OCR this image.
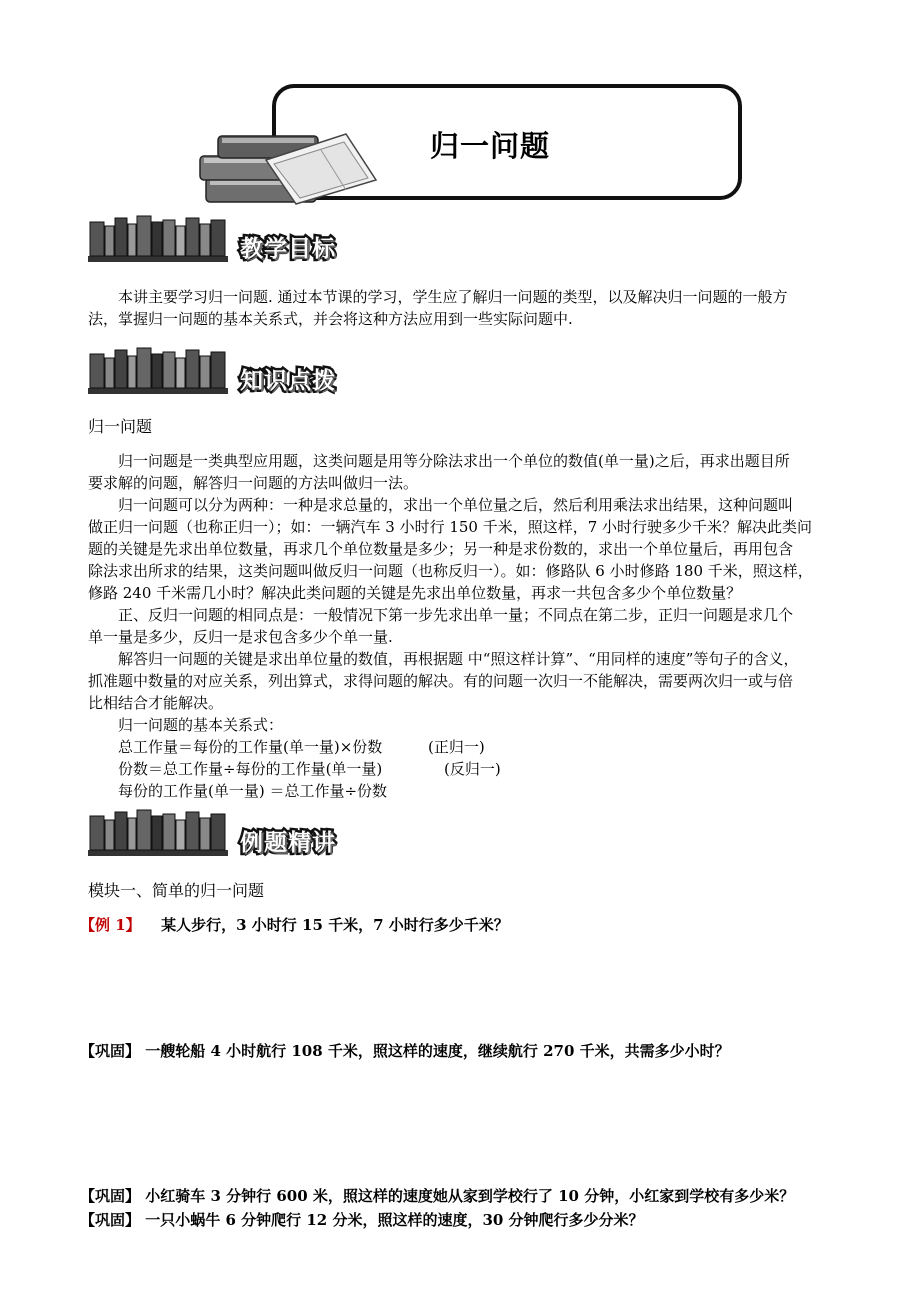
归一问题
教学目标
本讲主要学习归一问题. 通过本节课的学习，学生应了解归一问题的类型，以及解决归一问题的一般方
法，掌握归一问题的基本关系式，并会将这种方法应用到一些实际问题中.
知识点拨
归一问题
归一问题是一类典型应用题，这类问题是用等分除法求出一个单位的数值(单一量)之后，再求出题目所
要求解的问题，解答归一问题的方法叫做归一法。
归一问题可以分为两种：一种是求总量的，求出一个单位量之后，然后利用乘法求出结果，这种问题叫
做正归一问题（也称正归一）；如：一辆汽车 3 小时行 150 千米，照这样，7 小时行驶多少千米？解决此类问
题的关键是先求出单位数量，再求几个单位数量是多少；另一种是求份数的，求出一个单位量后，再用包含
除法求出所求的结果，这类问题叫做反归一问题（也称反归一）。如：修路队 6 小时修路 180 千米，照这样，
修路 240 千米需几小时？解决此类问题的关键是先求出单位数量，再求一共包含多少个单位数量？
正、反归一问题的相同点是：一般情况下第一步先求出单一量；不同点在第二步，正归一问题是求几个
单一量是多少，反归一是求包含多少个单一量.
解答归一问题的关键是求出单位量的数值，再根据题 中“照这样计算”、“用同样的速度”等句子的含义，
抓准题中数量的对应关系，列出算式，求得问题的解决。有的问题一次归一不能解决，需要两次归一或与倍
比相结合才能解决。
归一问题的基本关系式：
总工作量＝每份的工作量(单一量)×份数	(正归一)
份数＝总工作量÷每份的工作量(单一量)	(反归一)
每份的工作量(单一量) ＝总工作量÷份数
例题精讲
模块一、简单的归一问题
【例 1】 某人步行，3 小时行 15 千米，7 小时行多少千米？
【巩固】 一艘轮船 4 小时航行 108 千米，照这样的速度，继续航行 270 千米，共需多少小时？
【巩固】 小红骑车 3 分钟行 600 米，照这样的速度她从家到学校行了 10 分钟，小红家到学校有多少米？
【巩固】 一只小蜗牛 6 分钟爬行 12 分米，照这样的速度，30 分钟爬行多少分米？
